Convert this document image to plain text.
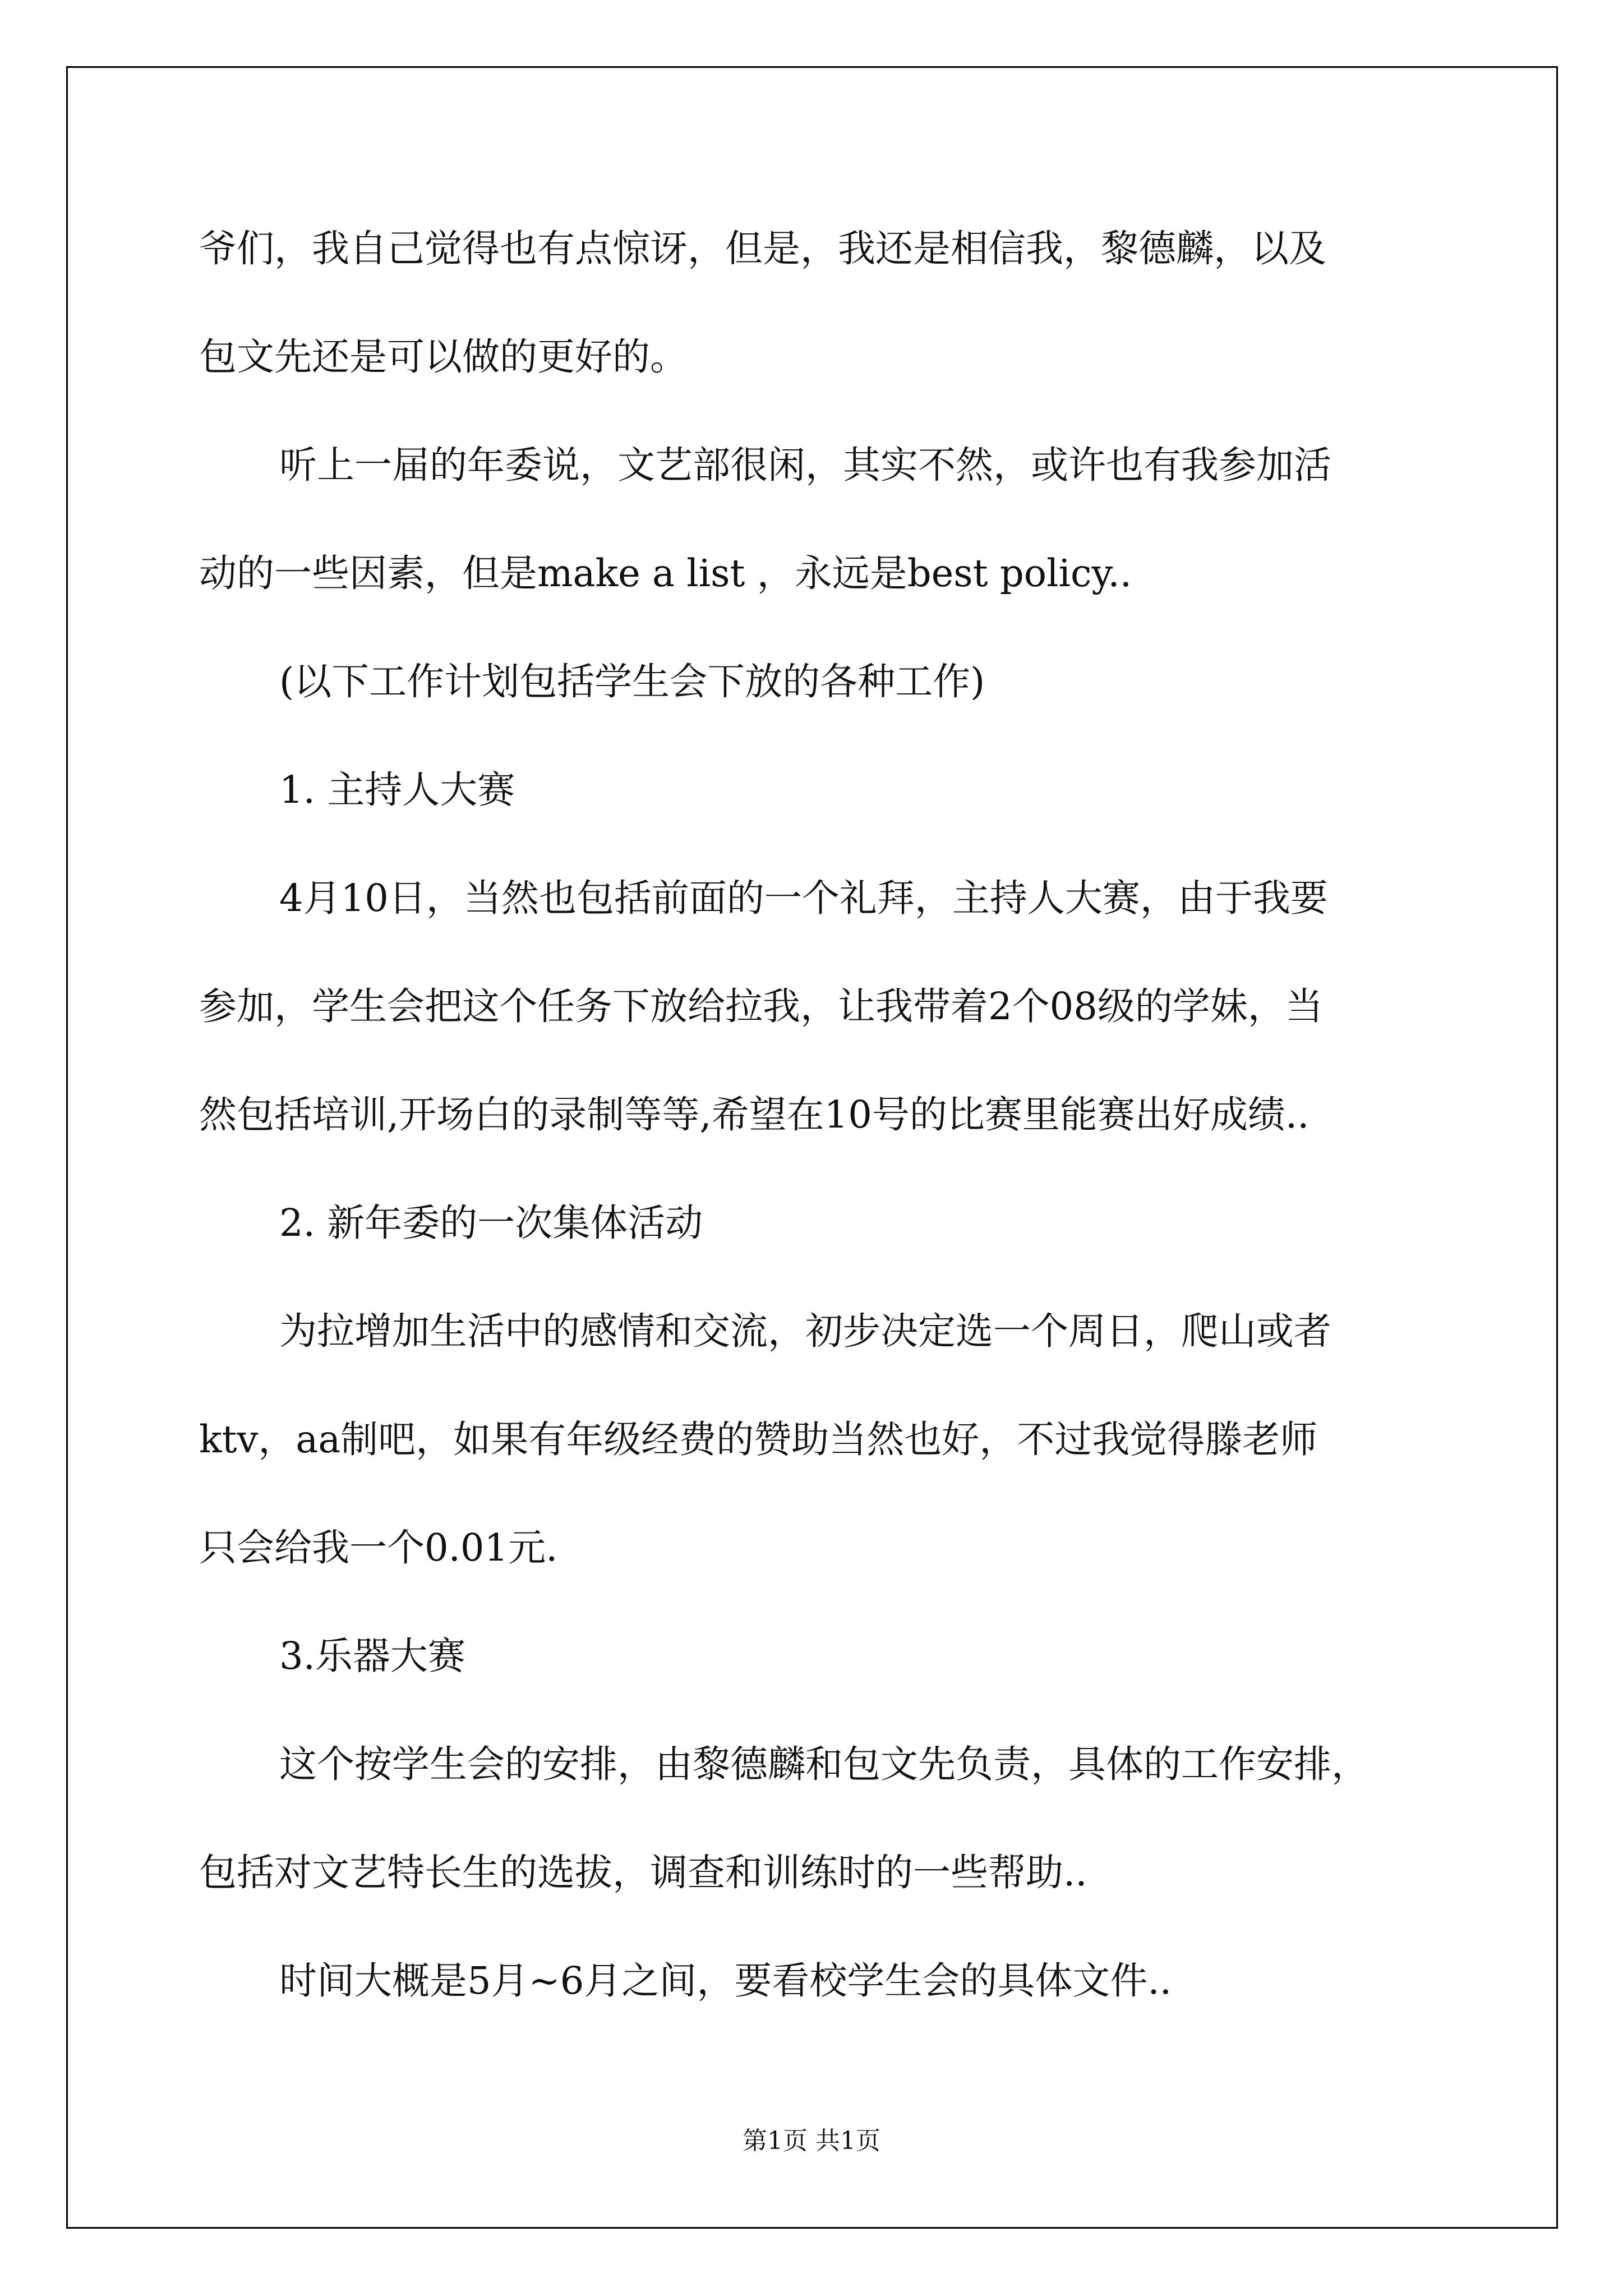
爷们，我自己觉得也有点惊讶，但是，我还是相信我，黎德麟，以及
包文先还是可以做的更好的。
听上一届的年委说，文艺部很闲，其实不然，或许也有我参加活
动的一些因素，但是make a list ，永远是best policy..
(以下工作计划包括学生会下放的各种工作)
1. 主持人大赛
4月10日，当然也包括前面的一个礼拜，主持人大赛，由于我要
参加，学生会把这个任务下放给拉我，让我带着2个08级的学妹，当
然包括培训,开场白的录制等等,希望在10号的比赛里能赛出好成绩..
2. 新年委的一次集体活动
为拉增加生活中的感情和交流，初步决定选一个周日，爬山或者
ktv，aa制吧，如果有年级经费的赞助当然也好，不过我觉得滕老师
只会给我一个0.01元.
3.乐器大赛
这个按学生会的安排，由黎德麟和包文先负责，具体的工作安排，
包括对文艺特长生的选拔，调查和训练时的一些帮助..
时间大概是5月~6月之间，要看校学生会的具体文件..
第1页 共1页
